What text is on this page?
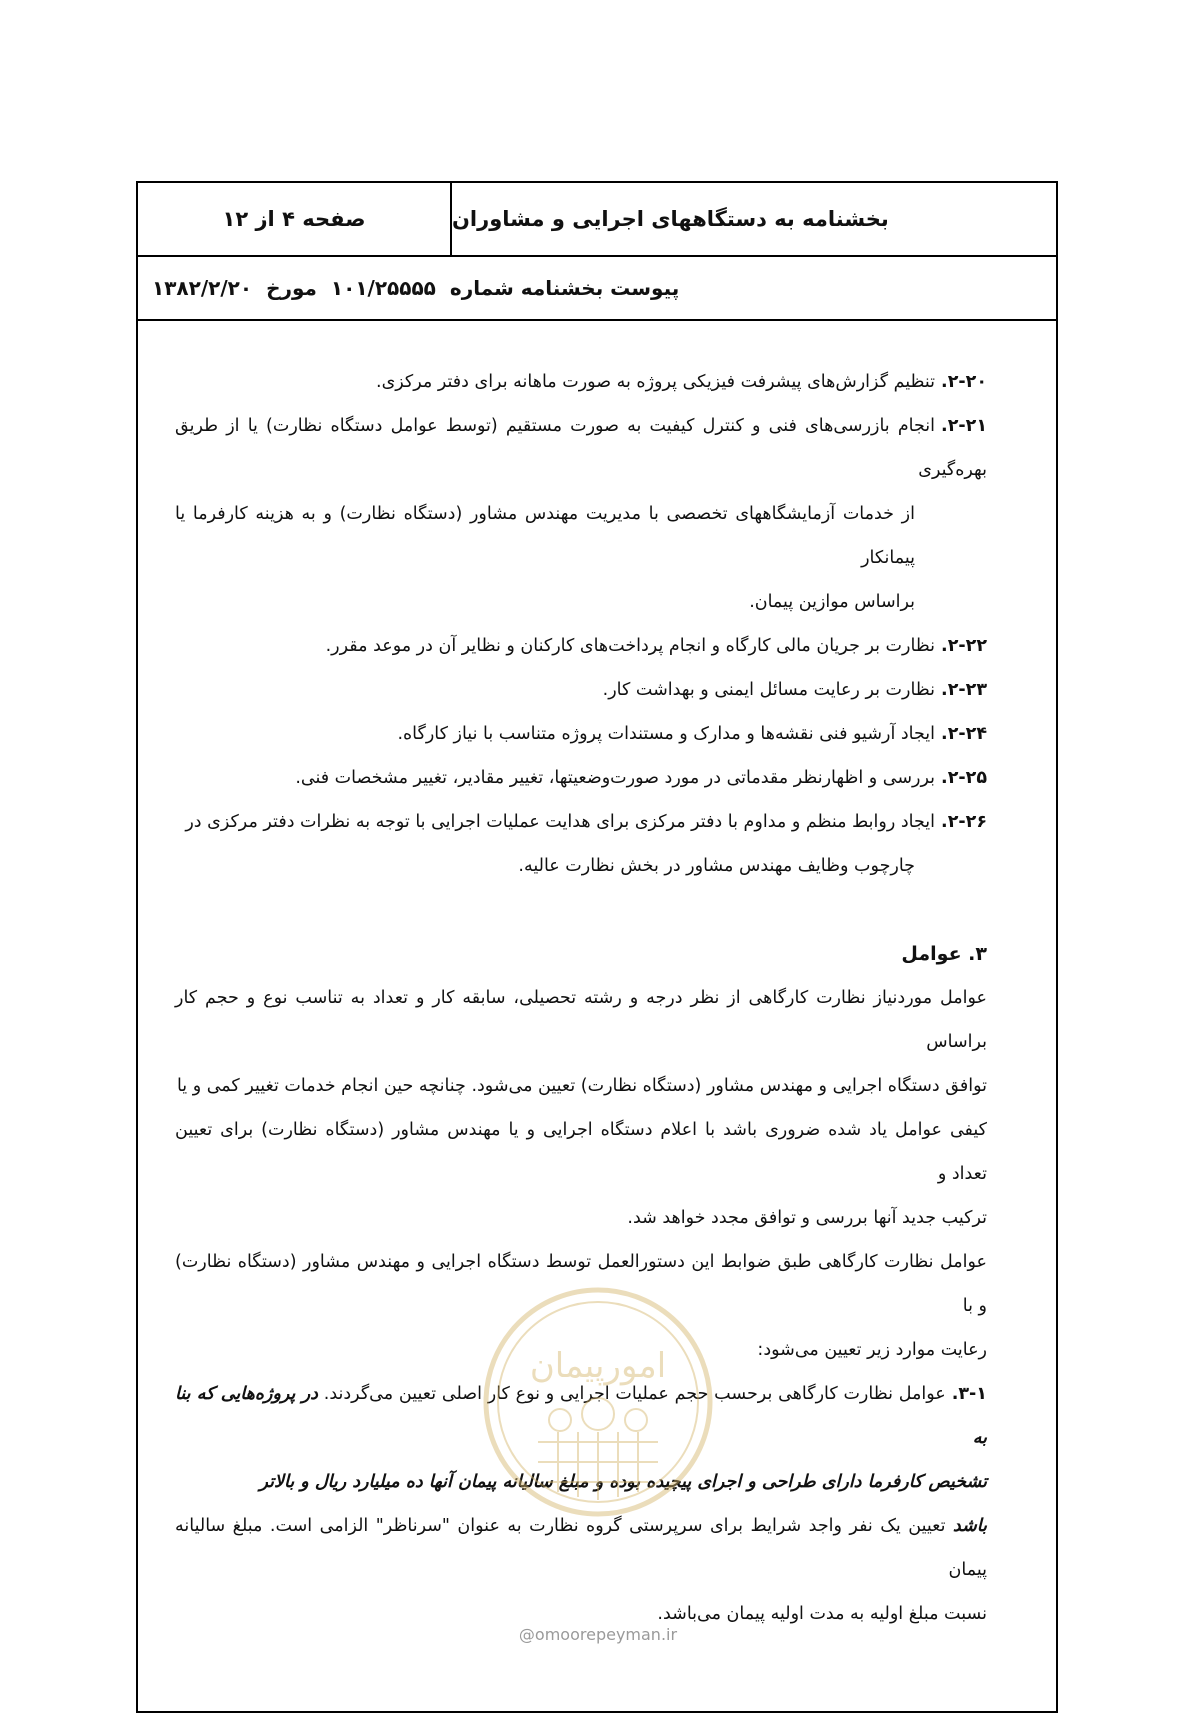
بخشنامه به دستگاههای اجرایی و مشاوران
صفحه ۴ از ۱۲
پیوست بخشنامه شماره۱۰۱/۲۵۵۵۵مورخ۱۳۸۲/۲/۲۰

۲-۲۰.تنظیم گزارش‌های پیشرفت فیزیکی پروژه به صورت ماهانه برای دفتر مرکزی.

۲-۲۱.انجام بازرسی‌های فنی و کنترل کیفیت به صورت مستقیم (توسط عوامل دستگاه نظارت) یا از طریق بهره‌گیری

از خدمات آزمایشگاههای تخصصی با مدیریت مهندس مشاور (دستگاه نظارت) و به هزینه کارفرما یا پیمانکار

براساس موازین پیمان.

۲-۲۲.نظارت بر جریان مالی کارگاه و انجام پرداخت‌های کارکنان و نظایر آن در موعد مقرر.

۲-۲۳.نظارت بر رعایت مسائل ایمنی و بهداشت کار.

۲-۲۴.ایجاد آرشیو فنی نقشه‌ها و مدارک و مستندات پروژه متناسب با نیاز کارگاه.

۲-۲۵.بررسی و اظهارنظر مقدماتی در مورد صورت‌وضعیتها، تغییر مقادیر، تغییر مشخصات فنی.

۲-۲۶.ایجاد روابط منظم و مداوم با دفتر مرکزی برای هدایت عملیات اجرایی با توجه به نظرات دفتر مرکزی در

چارچوب وظایف مهندس مشاور در بخش نظارت عالیه.

۳. عوامل

عوامل موردنیاز نظارت کارگاهی از نظر درجه و رشته تحصیلی، سابقه کار و تعداد به تناسب نوع و حجم کار براساس

توافق دستگاه اجرایی و مهندس مشاور (دستگاه نظارت) تعیین می‌شود. چنانچه حین انجام خدمات تغییر کمی و یا

کیفی عوامل یاد شده ضروری باشد با اعلام دستگاه اجرایی و یا مهندس مشاور (دستگاه نظارت) برای تعیین تعداد و

ترکیب جدید آنها بررسی و توافق مجدد خواهد شد.

عوامل نظارت کارگاهی طبق ضوابط این دستورالعمل توسط دستگاه اجرایی و مهندس مشاور (دستگاه نظارت) و با

رعایت موارد زیر تعیین می‌شود:

۳-۱.عوامل نظارت کارگاهی برحسب حجم عملیات اجرایی و نوع کار اصلی تعیین می‌گردند. در پروژه‌هایی که بنا به

تشخیص کارفرما دارای طراحی و اجرای پیچیده بوده و مبلغ سالیانه پیمان آنها ده میلیارد ریال و بالاتر

باشد تعیین یک نفر واجد شرایط برای سرپرستی گروه نظارت به عنوان "سرناظر" الزامی است. مبلغ سالیانه پیمان

نسبت مبلغ اولیه به مدت اولیه پیمان می‌باشد.

امورپیمان
@omoorepeyman.ir
